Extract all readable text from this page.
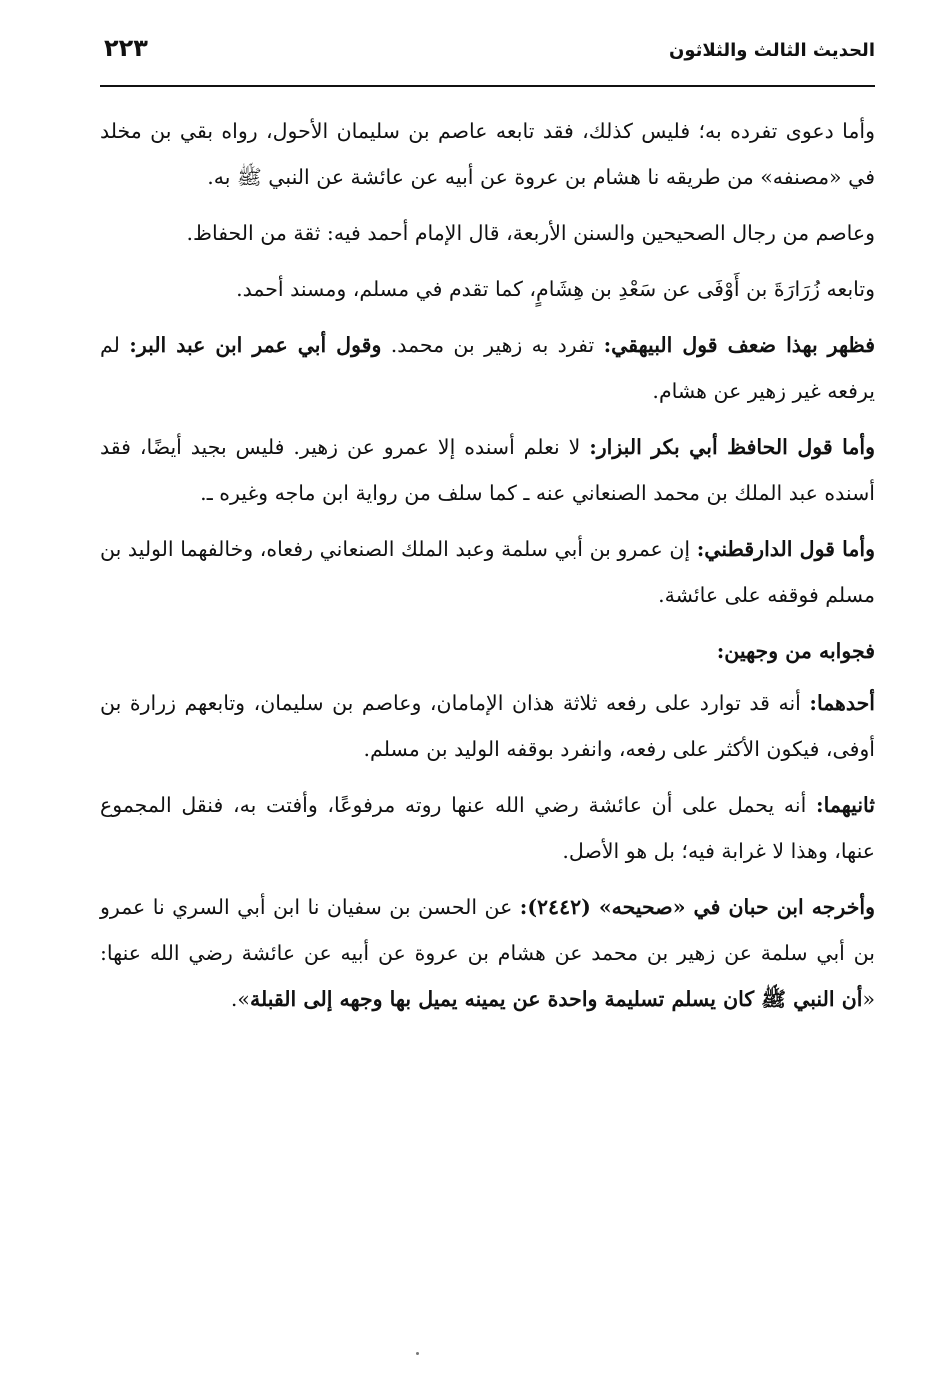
الحديث الثالث والثلاثون
٢٢٣

وأما دعوى تفرده به؛ فليس كذلك، فقد تابعه عاصم بن سليمان الأحول، رواه بقي بن مخلد في «مصنفه» من طريقه نا هشام بن عروة عن أبيه عن عائشة عن النبي ﷺ به.

وعاصم من رجال الصحيحين والسنن الأربعة، قال الإمام أحمد فيه: ثقة من الحفاظ.

وتابعه زُرَارَةَ بن أَوْفَى عن سَعْدِ بن هِشَامٍ، كما تقدم في مسلم، ومسند أحمد.

فظهر بهذا ضعف قول البيهقي: تفرد به زهير بن محمد. وقول أبي عمر ابن عبد البر: لم يرفعه غير زهير عن هشام.

وأما قول الحافظ أبي بكر البزار: لا نعلم أسنده إلا عمرو عن زهير. فليس بجيد أيضًا، فقد أسنده عبد الملك بن محمد الصنعاني عنه ـ كما سلف من رواية ابن ماجه وغيره ـ.

وأما قول الدارقطني: إن عمرو بن أبي سلمة وعبد الملك الصنعاني رفعاه، وخالفهما الوليد بن مسلم فوقفه على عائشة.

فجوابه من وجهين:

أحدهما: أنه قد توارد على رفعه ثلاثة هذان الإمامان، وعاصم بن سليمان، وتابعهم زرارة بن أوفى، فيكون الأكثر على رفعه، وانفرد بوقفه الوليد بن مسلم.

ثانيهما: أنه يحمل على أن عائشة رضي الله عنها روته مرفوعًا، وأفتت به، فنقل المجموع عنها، وهذا لا غرابة فيه؛ بل هو الأصل.

وأخرجه ابن حبان في «صحيحه» (٢٤٤٢): عن الحسن بن سفيان نا ابن أبي السري نا عمرو بن أبي سلمة عن زهير بن محمد عن هشام بن عروة عن أبيه عن عائشة رضي الله عنها: «أن النبي ﷺ كان يسلم تسليمة واحدة عن يمينه يميل بها وجهه إلى القبلة».
